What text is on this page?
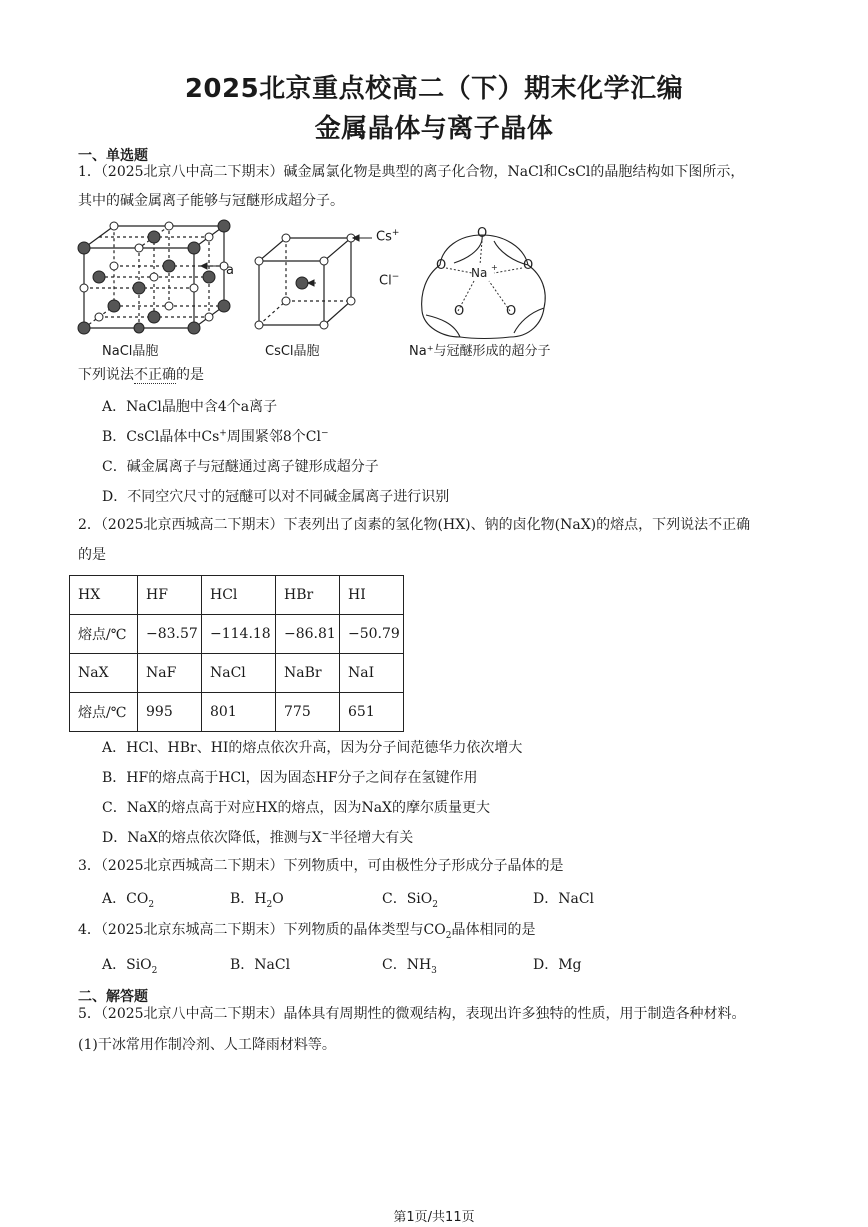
2025北京重点校高二（下）期末化学汇编
金属晶体与离子晶体
一、单选题
1．（2025北京八中高二下期末）碱金属氯化物是典型的离子化合物，NaCl和CsCl的晶胞结构如下图所示，
其中的碱金属离子能够与冠醚形成超分子。
O
O	O
O	O
Na +
a
Cs+
Cl−
NaCl晶胞	CsCl晶胞	Na⁺与冠醚形成的超分子
下列说法不正确的是
A．NaCl晶胞中含4个a离子
B．CsCl晶体中Cs+周围紧邻8个Cl−
C．碱金属离子与冠醚通过离子键形成超分子
D．不同空穴尺寸的冠醚可以对不同碱金属离子进行识别
2．（2025北京西城高二下期末）下表列出了卤素的氢化物(HX)、钠的卤化物(NaX)的熔点，下列说法不正确
的是
HX	HF	HCl	HBr	HI
熔点/℃	−83.57	−114.18	−86.81	−50.79
NaX	NaF	NaCl	NaBr	NaI
熔点/℃	995	801	775	651
A．HCl、HBr、HI的熔点依次升高，因为分子间范德华力依次增大
B．HF的熔点高于HCl，因为固态HF分子之间存在氢键作用
C．NaX的熔点高于对应HX的熔点，因为NaX的摩尔质量更大
D．NaX的熔点依次降低，推测与X−半径增大有关
3．（2025北京西城高二下期末）下列物质中，可由极性分子形成分子晶体的是
A．$CO_2$	B．$H_2O$	C．SiO$_2$	D．NaCl
4．（2025北京东城高二下期末）下列物质的晶体类型与$CO_2$晶体相同的是
A．SiO$_2$	B．NaCl	C．$NH_3$	D．Mg
二、解答题
5．（2025北京八中高二下期末）晶体具有周期性的微观结构，表现出许多独特的性质，用于制造各种材料。
(1)干冰常用作制冷剂、人工降雨材料等。
第1页/共11页
